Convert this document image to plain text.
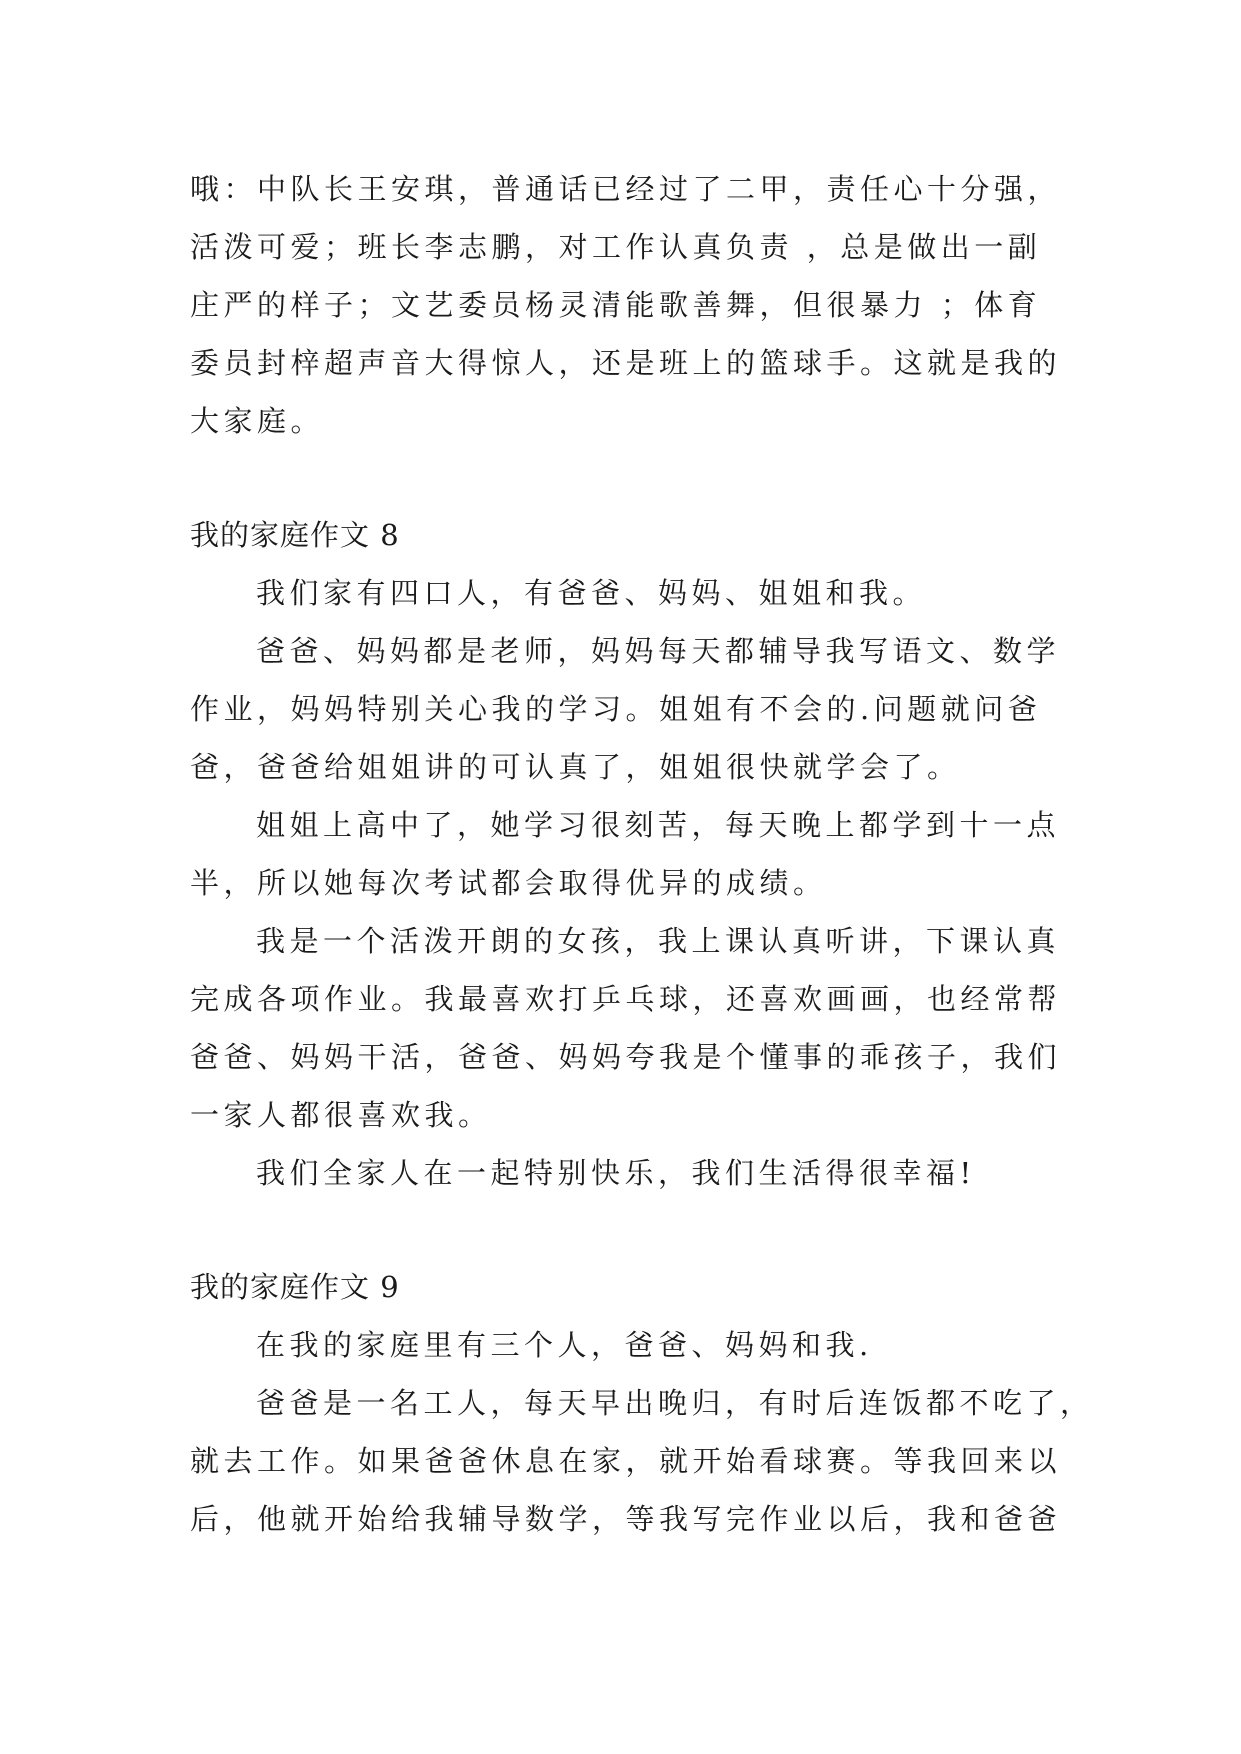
哦：中队长王安琪，普通话已经过了二甲，责任心十分强，
活泼可爱；班长李志鹏，对工作认真负责 ，总是做出一副
庄严的样子；文艺委员杨灵清能歌善舞，但很暴力 ；体育
委员封梓超声音大得惊人，还是班上的篮球手。这就是我的
大家庭。
我的家庭作文 8
我们家有四口人，有爸爸、妈妈、姐姐和我。
爸爸、妈妈都是老师，妈妈每天都辅导我写语文、数学
作业，妈妈特别关心我的学习。姐姐有不会的.问题就问爸
爸，爸爸给姐姐讲的可认真了，姐姐很快就学会了。
姐姐上高中了，她学习很刻苦，每天晚上都学到十一点
半，所以她每次考试都会取得优异的成绩。
我是一个活泼开朗的女孩，我上课认真听讲，下课认真
完成各项作业。我最喜欢打乒乓球，还喜欢画画，也经常帮
爸爸、妈妈干活，爸爸、妈妈夸我是个懂事的乖孩子，我们
一家人都很喜欢我。
我们全家人在一起特别快乐，我们生活得很幸福!
我的家庭作文 9
在我的家庭里有三个人，爸爸、妈妈和我.
爸爸是一名工人，每天早出晚归，有时后连饭都不吃了，
就去工作。如果爸爸休息在家，就开始看球赛。等我回来以
后，他就开始给我辅导数学，等我写完作业以后，我和爸爸
